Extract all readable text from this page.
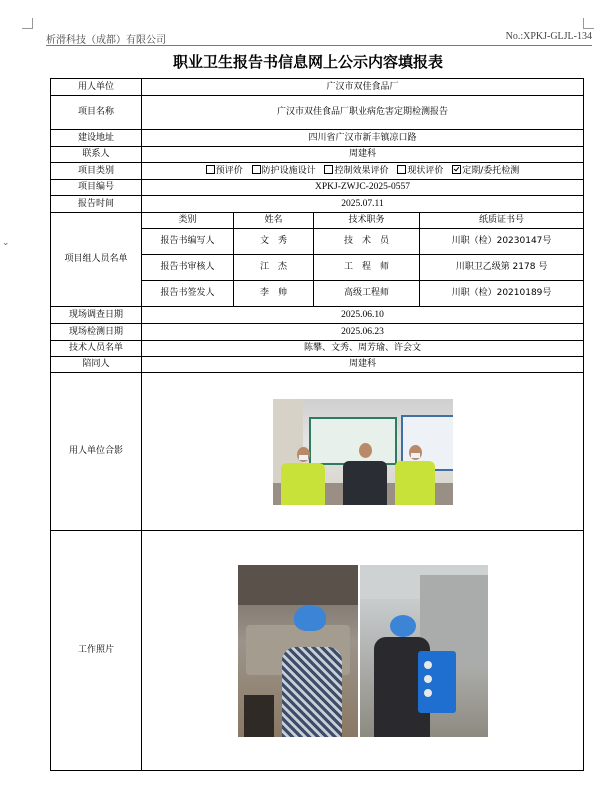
析滑科技（成都）有限公司	No.:XPKJ-GLJL-134
职业卫生报告书信息网上公示内容填报表
⌄
用人单位	广汉市双佳食品厂			
项目名称	广汉市双佳食品厂职业病危害定期检测报告			
建设地址	四川省广汉市新丰镇凉口路			
联系人	周建科			
项目类别	预评价 防护设施设计 控制效果评价 现状评价 定期/委托检测			
项目编号	XPKJ-ZWJC-2025-0557			
报告时间	2025.07.11			
项目组人员名单	类别	姓名	技术职务	纸质证书号
	报告书编写人	文　秀	技　术　员	川职（检）20230147号
	报告书审核人	江　杰	工　程　师	川职卫乙级第 2178 号
	报告书签发人	李　帅	高级工程师	川职（检）20210189号
现场调查日期	2025.06.10			
现场检测日期	2025.06.23			
技术人员名单	陈攀、文秀、周芳瑜、许会文			
陪同人	周建科			
用人单位合影				

工作照片				
